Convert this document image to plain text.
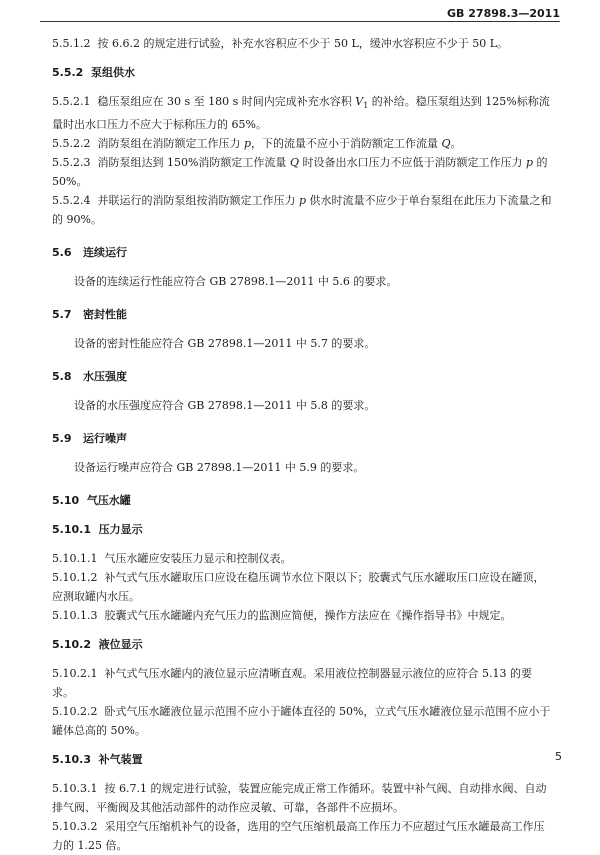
GB 27898.3—2011

5.5.1.2 按 6.6.2 的规定进行试验，补充水容积应不少于 50 L，缓冲水容积应不少于 50 L。

5.5.2 泵组供水

5.5.2.1 稳压泵组应在 30 s 至 180 s 时间内完成补充水容积 $V_1$ 的补给。稳压泵组达到 125%标称流量时出水口压力不应大于标称压力的 65%。

5.5.2.2 消防泵组在消防额定工作压力 p，下的流量不应小于消防额定工作流量 Q。

5.5.2.3 消防泵组达到 150%消防额定工作流量 Q 时设备出水口压力不应低于消防额定工作压力 p 的 50%。

5.5.2.4 并联运行的消防泵组按消防额定工作压力 p 供水时流量不应少于单台泵组在此压力下流量之和的 90%。

5.6 连续运行

设备的连续运行性能应符合 GB 27898.1—2011 中 5.6 的要求。

5.7 密封性能

设备的密封性能应符合 GB 27898.1—2011 中 5.7 的要求。

5.8 水压强度

设备的水压强度应符合 GB 27898.1—2011 中 5.8 的要求。

5.9 运行噪声

设备运行噪声应符合 GB 27898.1—2011 中 5.9 的要求。

5.10 气压水罐

5.10.1 压力显示

5.10.1.1 气压水罐应安装压力显示和控制仪表。

5.10.1.2 补气式气压水罐取压口应设在稳压调节水位下限以下；胶囊式气压水罐取压口应设在罐顶，应测取罐内水压。

5.10.1.3 胶囊式气压水罐罐内充气压力的监测应简便，操作方法应在《操作指导书》中规定。

5.10.2 液位显示

5.10.2.1 补气式气压水罐内的液位显示应清晰直观。采用液位控制器显示液位的应符合 5.13 的要求。

5.10.2.2 卧式气压水罐液位显示范围不应小于罐体直径的 50%，立式气压水罐液位显示范围不应小于罐体总高的 50%。

5.10.3 补气装置

5.10.3.1 按 6.7.1 的规定进行试验，装置应能完成正常工作循环。装置中补气阀、自动排水阀、自动排气阀、平衡阀及其他活动部件的动作应灵敏、可靠，各部件不应损坏。

5.10.3.2 采用空气压缩机补气的设备，选用的空气压缩机最高工作压力不应超过气压水罐最高工作压力的 1.25 倍。

5
